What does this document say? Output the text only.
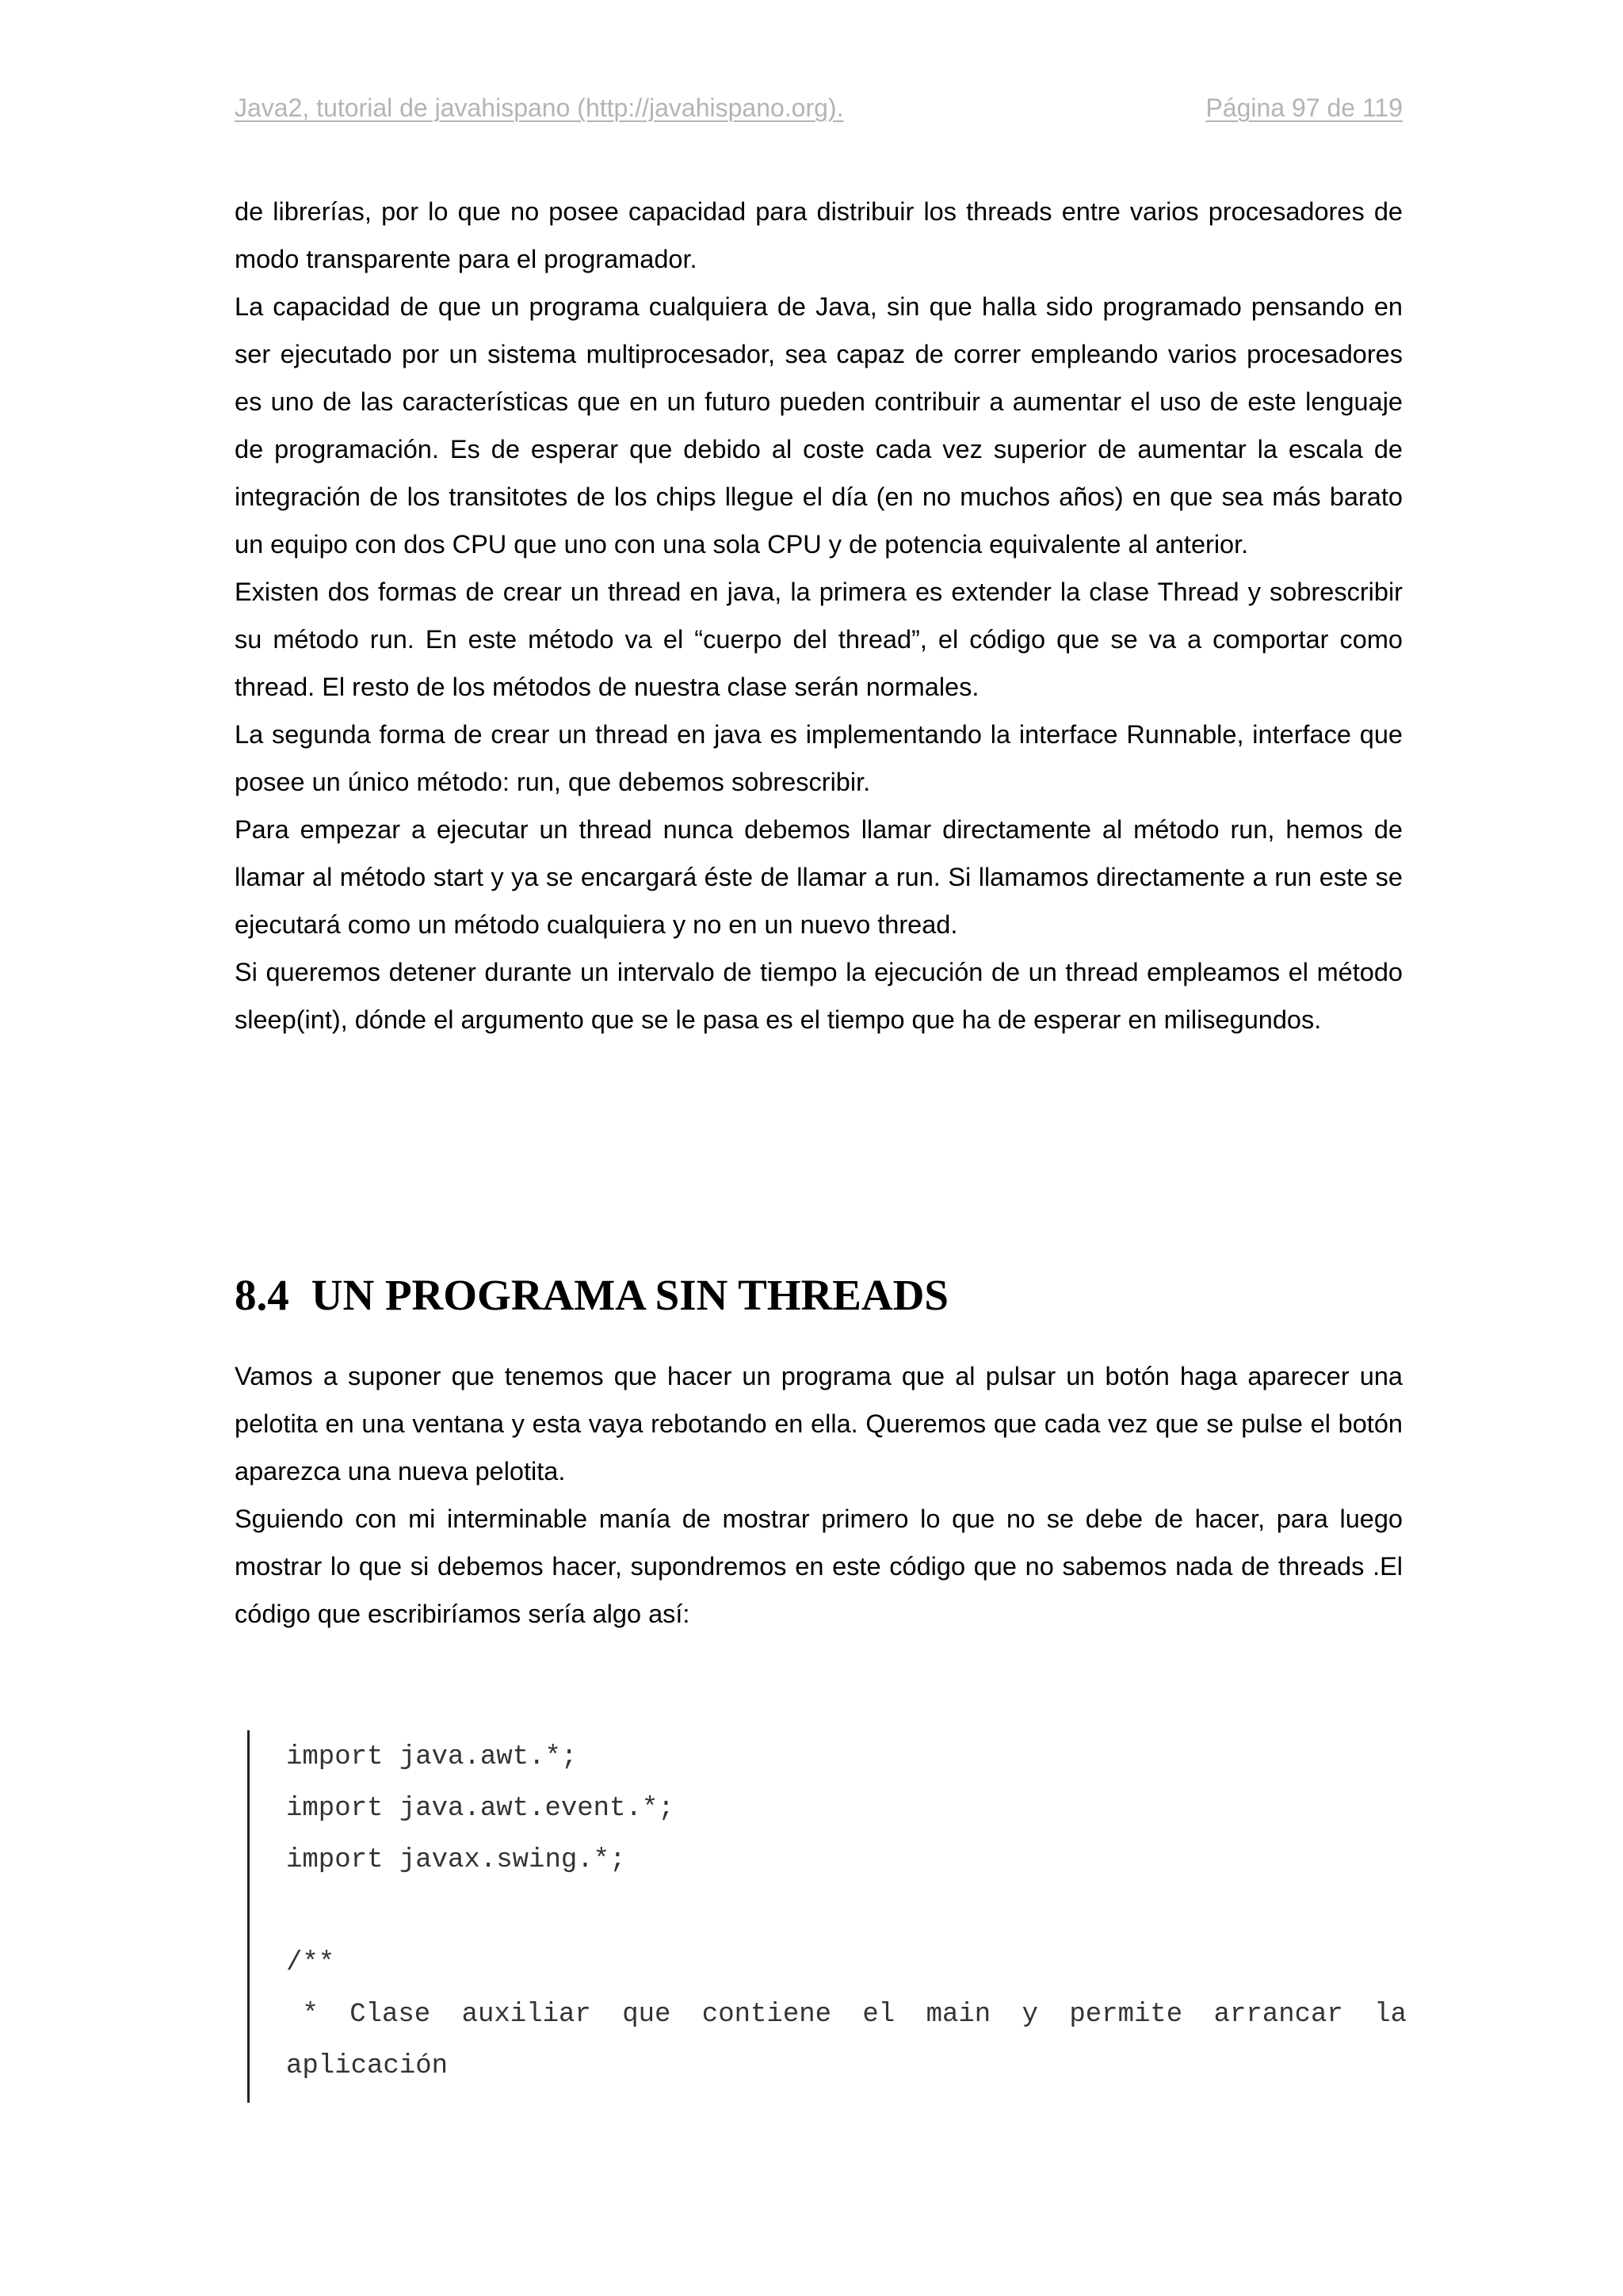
Java2, tutorial de javahispano (http://javahispano.org).	Página 97 de 119

de librerías, por lo que no posee capacidad para distribuir los threads entre varios procesadores de modo transparente para el programador.

La capacidad de que un programa cualquiera de Java, sin que halla sido programado pensando en ser ejecutado por un sistema multiprocesador, sea capaz de correr empleando varios procesadores es uno de las características que en un futuro pueden contribuir a aumentar el uso de este lenguaje de programación. Es de esperar que debido al coste cada vez superior de aumentar la escala de integración de los transitotes de los chips llegue el día (en no muchos años) en que sea más barato un equipo con dos CPU que uno con una sola CPU y de potencia equivalente al anterior.

Existen dos formas de crear un thread en java, la primera es extender la clase Thread y sobrescribir su método run. En este método va el “cuerpo del thread”, el código que se va a comportar como thread. El resto de los métodos de nuestra clase serán normales.

La segunda forma de crear un thread en java es implementando la interface Runnable, interface que posee un único método: run, que debemos sobrescribir.

Para empezar a ejecutar un thread nunca debemos llamar directamente al método run, hemos de llamar al método start y ya se encargará éste de llamar a run. Si llamamos directamente a run este se ejecutará como un método cualquiera y no en un nuevo thread.

Si queremos detener durante un intervalo de tiempo la ejecución de un thread empleamos el método sleep(int), dónde el argumento que se le pasa es el tiempo que ha de esperar en milisegundos.

8.4 UN PROGRAMA SIN THREADS

Vamos a suponer que tenemos que hacer un programa que al pulsar un botón haga aparecer una pelotita en una ventana y esta vaya rebotando en ella. Queremos que cada vez que se pulse el botón aparezca una nueva pelotita.

Sguiendo con mi interminable manía de mostrar primero lo que no se debe de hacer, para luego mostrar lo que si debemos hacer, supondremos en este código que no sabemos nada de threads .El código que escribiríamos sería algo así:

import java.awt.*;
import java.awt.event.*;
import javax.swing.*;
/**
* Clase auxiliar que contiene el main y permite arrancar la
aplicación
